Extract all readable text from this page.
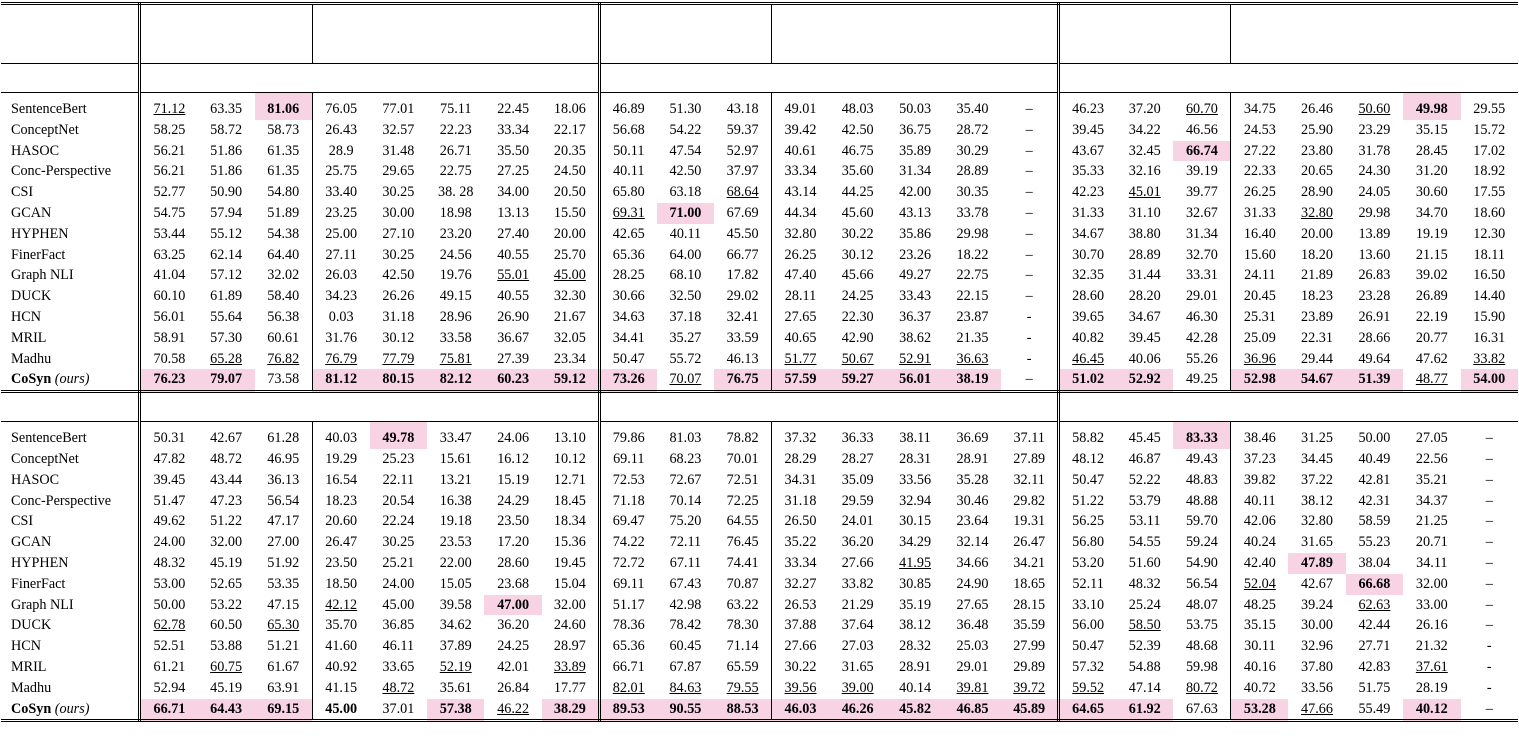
SentenceBert	71.12	63.35	81.06	76.05	77.01	75.11	22.45	18.06	46.89	51.30	43.18	49.01	48.03	50.03	35.40	–	46.23	37.20	60.70	34.75	26.46	50.60	49.98	29.55
ConceptNet	58.25	58.72	58.73	26.43	32.57	22.23	33.34	22.17	56.68	54.22	59.37	39.42	42.50	36.75	28.72	–	39.45	34.22	46.56	24.53	25.90	23.29	35.15	15.72
HASOC	56.21	51.86	61.35	28.9	31.48	26.71	35.50	20.35	50.11	47.54	52.97	40.61	46.75	35.89	30.29	–	43.67	32.45	66.74	27.22	23.80	31.78	28.45	17.02
Conc-Perspective	56.21	51.86	61.35	25.75	29.65	22.75	27.25	24.50	40.11	42.50	37.97	33.34	35.60	31.34	28.89	–	35.33	32.16	39.19	22.33	20.65	24.30	31.20	18.92
CSI	52.77	50.90	54.80	33.40	30.25	38. 28	34.00	20.50	65.80	63.18	68.64	43.14	44.25	42.00	30.35	–	42.23	45.01	39.77	26.25	28.90	24.05	30.60	17.55
GCAN	54.75	57.94	51.89	23.25	30.00	18.98	13.13	15.50	69.31	71.00	67.69	44.34	45.60	43.13	33.78	–	31.33	31.10	32.67	31.33	32.80	29.98	34.70	18.60
HYPHEN	53.44	55.12	54.38	25.00	27.10	23.20	27.40	20.00	42.65	40.11	45.50	32.80	30.22	35.86	29.98	–	34.67	38.80	31.34	16.40	20.00	13.89	19.19	12.30
FinerFact	63.25	62.14	64.40	27.11	30.25	24.56	40.55	25.70	65.36	64.00	66.77	26.25	30.12	23.26	18.22	–	30.70	28.89	32.70	15.60	18.20	13.60	21.15	18.11
Graph NLI	41.04	57.12	32.02	26.03	42.50	19.76	55.01	45.00	28.25	68.10	17.82	47.40	45.66	49.27	22.75	–	32.35	31.44	33.31	24.11	21.89	26.83	39.02	16.50
DUCK	60.10	61.89	58.40	34.23	26.26	49.15	40.55	32.30	30.66	32.50	29.02	28.11	24.25	33.43	22.15	–	28.60	28.20	29.01	20.45	18.23	23.28	26.89	14.40
HCN	56.01	55.64	56.38	0.03	31.18	28.96	26.90	21.67	34.63	37.18	32.41	27.65	22.30	36.37	23.87	-	39.65	34.67	46.30	25.31	23.89	26.91	22.19	15.90
MRIL	58.91	57.30	60.61	31.76	30.12	33.58	36.67	32.05	34.41	35.27	33.59	40.65	42.90	38.62	21.35	-	40.82	39.45	42.28	25.09	22.31	28.66	20.77	16.31
Madhu	70.58	65.28	76.82	76.79	77.79	75.81	27.39	23.34	50.47	55.72	46.13	51.77	50.67	52.91	36.63	-	46.45	40.06	55.26	36.96	29.44	49.64	47.62	33.82
CoSyn (ours)	76.23	79.07	73.58	81.12	80.15	82.12	60.23	59.12	73.26	70.07	76.75	57.59	59.27	56.01	38.19	–	51.02	52.92	49.25	52.98	54.67	51.39	48.77	54.00

SentenceBert	50.31	42.67	61.28	40.03	49.78	33.47	24.06	13.10	79.86	81.03	78.82	37.32	36.33	38.11	36.69	37.11	58.82	45.45	83.33	38.46	31.25	50.00	27.05	–
ConceptNet	47.82	48.72	46.95	19.29	25.23	15.61	16.12	10.12	69.11	68.23	70.01	28.29	28.27	28.31	28.91	27.89	48.12	46.87	49.43	37.23	34.45	40.49	22.56	–
HASOC	39.45	43.44	36.13	16.54	22.11	13.21	15.19	12.71	72.53	72.67	72.51	34.31	35.09	33.56	35.28	32.11	50.47	52.22	48.83	39.82	37.22	42.81	35.21	–
Conc-Perspective	51.47	47.23	56.54	18.23	20.54	16.38	24.29	18.45	71.18	70.14	72.25	31.18	29.59	32.94	30.46	29.82	51.22	53.79	48.88	40.11	38.12	42.31	34.37	–
CSI	49.62	51.22	47.17	20.60	22.24	19.18	23.50	18.34	69.47	75.20	64.55	26.50	24.01	30.15	23.64	19.31	56.25	53.11	59.70	42.06	32.80	58.59	21.25	–
GCAN	24.00	32.00	27.00	26.47	30.25	23.53	17.20	15.36	74.22	72.11	76.45	35.22	36.20	34.29	32.14	26.47	56.80	54.55	59.24	40.24	31.65	55.23	20.71	–
HYPHEN	48.32	45.19	51.92	23.50	25.21	22.00	28.60	19.45	72.72	67.11	74.41	33.34	27.66	41.95	34.66	34.21	53.20	51.60	54.90	42.40	47.89	38.04	34.11	–
FinerFact	53.00	52.65	53.35	18.50	24.00	15.05	23.68	15.04	69.11	67.43	70.87	32.27	33.82	30.85	24.90	18.65	52.11	48.32	56.54	52.04	42.67	66.68	32.00	–
Graph NLI	50.00	53.22	47.15	42.12	45.00	39.58	47.00	32.00	51.17	42.98	63.22	26.53	21.29	35.19	27.65	28.15	33.10	25.24	48.07	48.25	39.24	62.63	33.00	–
DUCK	62.78	60.50	65.30	35.70	36.85	34.62	36.20	24.60	78.36	78.42	78.30	37.88	37.64	38.12	36.48	35.59	56.00	58.50	53.75	35.15	30.00	42.44	26.16	–
HCN	52.51	53.88	51.21	41.60	46.11	37.89	24.25	28.97	65.36	60.45	71.14	27.66	27.03	28.32	25.03	27.99	50.47	52.39	48.68	30.11	32.96	27.71	21.32	-
MRIL	61.21	60.75	61.67	40.92	33.65	52.19	42.01	33.89	66.71	67.87	65.59	30.22	31.65	28.91	29.01	29.89	57.32	54.88	59.98	40.16	37.80	42.83	37.61	-
Madhu	52.94	45.19	63.91	41.15	48.72	35.61	26.84	17.77	82.01	84.63	79.55	39.56	39.00	40.14	39.81	39.72	59.52	47.14	80.72	40.72	33.56	51.75	28.19	-
CoSyn (ours)	66.71	64.43	69.15	45.00	37.01	57.38	46.22	38.29	89.53	90.55	88.53	46.03	46.26	45.82	46.85	45.89	64.65	61.92	67.63	53.28	47.66	55.49	40.12	–
